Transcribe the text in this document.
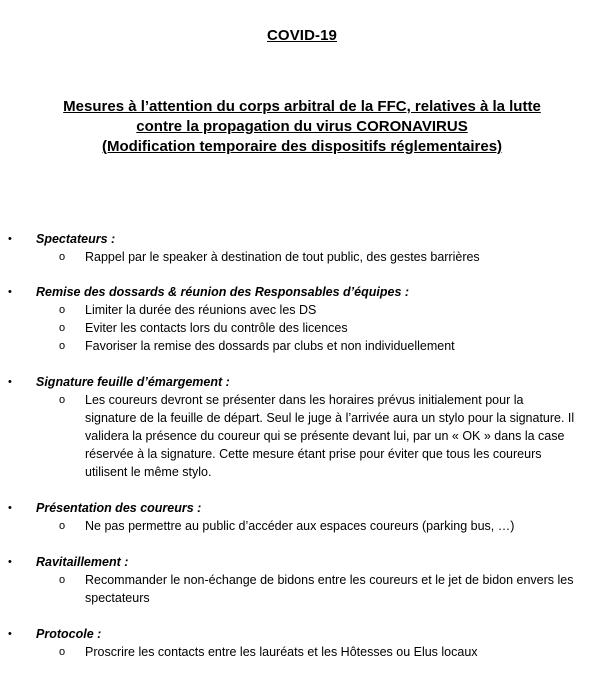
COVID-19
Mesures à l’attention du corps arbitral de la FFC, relatives à la lutte
contre la propagation du virus CORONAVIRUS
(Modification temporaire des dispositifs réglementaires)
• Spectateurs :
o Rappel par le speaker à destination de tout public, des gestes barrières
• Remise des dossards & réunion des Responsables d’équipes :
o Limiter la durée des réunions avec les DS
o Eviter les contacts lors du contrôle des licences
o Favoriser la remise des dossards par clubs et non individuellement
• Signature feuille d’émargement :
o Les coureurs devront se présenter dans les horaires prévus initialement pour la signature de la feuille de départ. Seul le juge à l’arrivée aura un stylo pour la signature. Il validera la présence du coureur qui se présente devant lui, par un « OK » dans la case réservée à la signature. Cette mesure étant prise pour éviter que tous les coureurs utilisent le même stylo.
• Présentation des coureurs :
o Ne pas permettre au public d’accéder aux espaces coureurs (parking bus, …)
• Ravitaillement :
o Recommander le non-échange de bidons entre les coureurs et le jet de bidon envers les spectateurs
• Protocole :
o Proscrire les contacts entre les lauréats et les Hôtesses ou Elus locaux
